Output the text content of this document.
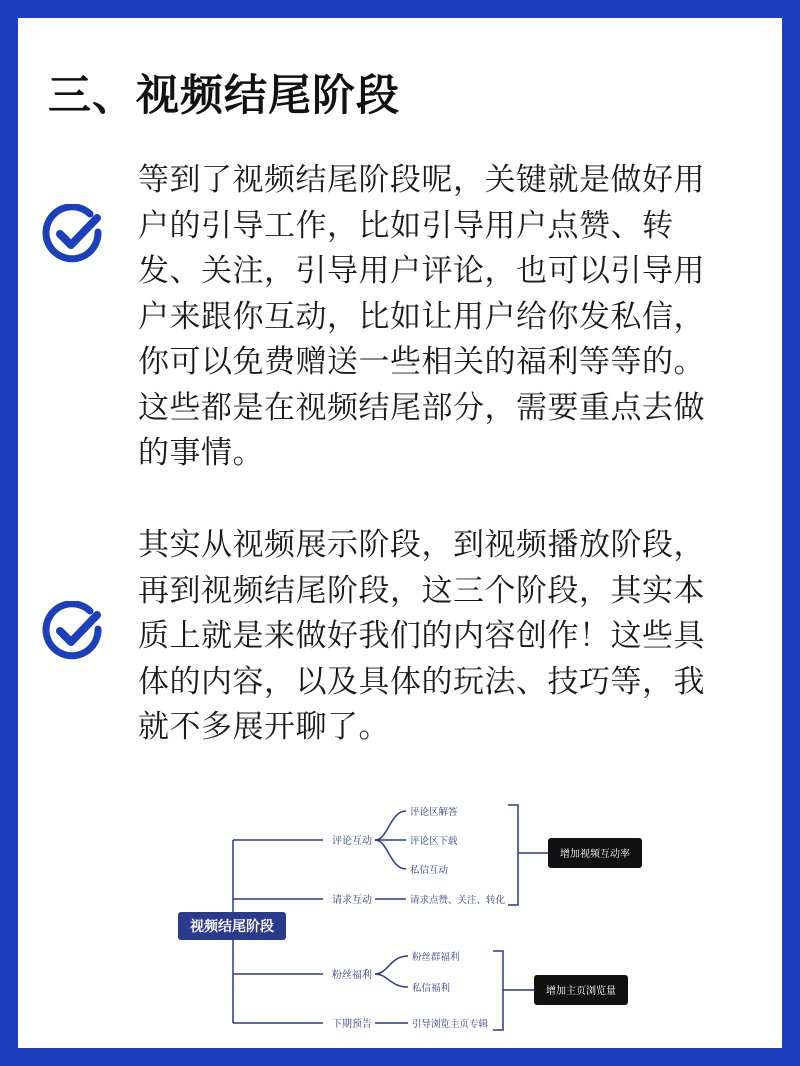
三、视频结尾阶段

等到了视频结尾阶段呢，关键就是做好用户的引导工作，比如引导用户点赞、转发、关注，引导用户评论，也可以引导用户来跟你互动，比如让用户给你发私信，你可以免费赠送一些相关的福利等等的。这些都是在视频结尾部分，需要重点去做的事情。

其实从视频展示阶段，到视频播放阶段，再到视频结尾阶段，这三个阶段，其实本质上就是来做好我们的内容创作！这些具体的内容，以及具体的玩法、技巧等，我就不多展开聊了。

视频结尾阶段
评论互动
请求互动
粉丝福利
下期预告
评论区解答
评论区下载
私信互动
请求点赞、关注、转化
粉丝群福利
私信福利
引导浏览主页专辑
增加视频互动率
增加主页浏览量
